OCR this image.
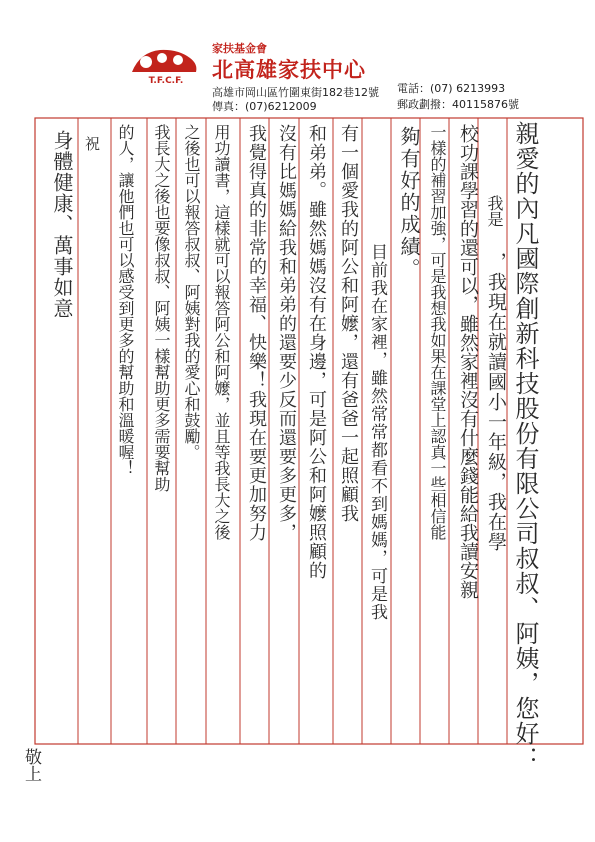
T.F.C.F.
家扶基金會
北高雄家扶中心
高雄市岡山區竹圍東街182巷12號
傳真：(07)6212009
電話：(07) 6213993
郵政劃撥：40115876號
親愛的內凡國際創新科技股份有限公司叔叔、阿姨，您好：
我是
，我現在就讀國小一年級，我在學
校功課學習的還可以，雖然家裡沒有什麼錢能給我讀安親
一樣的補習加強，可是我想我如果在課堂上認真一些相信能
夠有好的成績。
目前我在家裡，雖然常常都看不到媽媽，可是我
有一個愛我的阿公和阿嬤，還有爸爸一起照顧我
和弟弟。雖然媽媽沒有在身邊，可是阿公和阿嬤照顧的
沒有比媽媽給我和弟弟的還要少反而還要多更多，
我覺得真的非常的幸福、快樂！我現在要更加努力
用功讀書，這樣就可以報答阿公和阿嬤，並且等我長大之後
之後也可以報答叔叔、阿姨對我的愛心和鼓勵。
我長大之後也要像叔叔、阿姨一樣幫助更多需要幫助
的人，讓他們也可以感受到更多的幫助和溫暖喔！
祝
身體健康、萬事如意
敬上
